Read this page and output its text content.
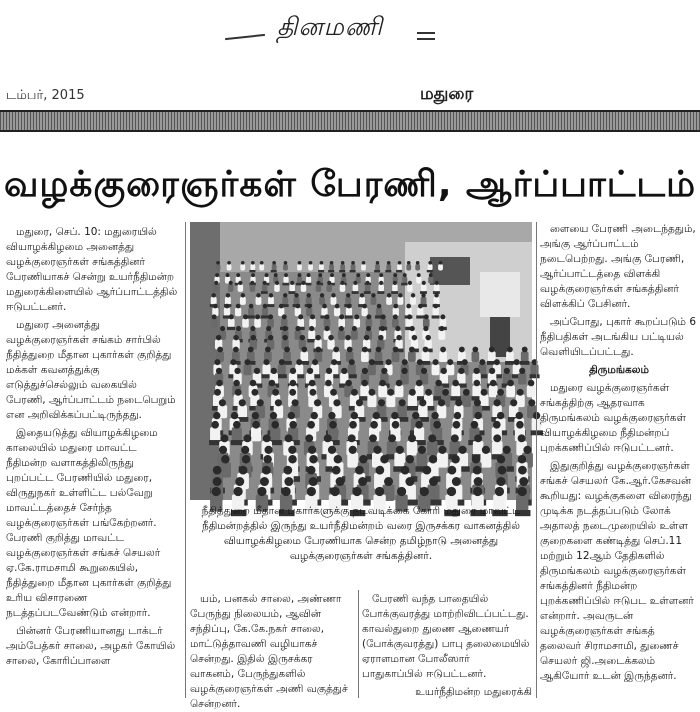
தினமணி
டம்பர், 2015	மதுரை
வழக்குரைஞர்கள் பேரணி, ஆர்ப்பாட்டம்

மதுரை, செப். 10: மதுரையில் வியாழக்கிழமை அனைத்து வழக்குரைஞர்கள் சங்கத்தினர் பேரணியாகச் சென்று உயர்நீதிமன்ற மதுரைக்கிளையில் ஆர்ப்பாட்டத்தில் ஈடுபட்டனர்.

மதுரை அனைத்து வழக்குரைஞர்கள் சங்கம் சார்பில் நீதித்துறை மீதான புகார்கள் குறித்து மக்கள் கவனத்துக்கு எடுத்துச்செல்லும் வகையில் பேரணி, ஆர்ப்பாட்டம் நடைபெறும் என அறிவிக்கப்பட்டிருந்தது.

இதையடுத்து வியாழக்கிழமை காலையில் மதுரை மாவட்ட நீதிமன்ற வளாகத்திலிருந்து புறப்பட்ட பேரணியில் மதுரை, விருதுநகர் உள்ளிட்ட பல்வேறு மாவட்டத்தைச் சேர்ந்த வழக்குரைஞர்கள் பங்கேற்றனர். பேரணி குறித்து மாவட்ட வழக்குரைஞர்கள் சங்கச் செயலர் ஏ.கே.ராமசாமி கூறுகையில், நீதித்துறை மீதான புகார்கள் குறித்து உரிய விசாரணை நடத்தப்படவேண்டும் என்றார்.

பின்னர் பேரணியானது டாக்டர் அம்பேத்கர் சாலை, அழகர் கோயில் சாலை, கோரிப்பாளை

நீதித்துறை மீதான புகார்களுக்கு நடவடிக்கை கோரி மதுரை மாவட்ட நீதிமன்றத்தில் இருந்து உயர்நீதிமன்றம் வரை இருசக்கர வாகனத்தில் வியாழக்கிழமை பேரணியாக சென்ற தமிழ்நாடு அனைத்து வழக்குரைஞர்கள் சங்கத்தினர்.

யம், பனகல் சாலை, அண்ணா பேருந்து நிலையம், ஆவின் சந்திப்பு, கே.கே.நகர் சாலை, மாட்டுத்தாவணி வழியாகச் சென்றது. இதில் இருசக்கர வாகனம், பேருந்துகளில் வழக்குரைஞர்கள் அணி வகுத்துச் சென்றனர்.

பேரணி வந்த பாதையில் போக்குவரத்து மாற்றிவிடப்பட்டது. காவல்துறை துணை ஆணையர் (போக்குவரத்து) பாபு தலைமையில் ஏராளமான போலீஸார் பாதுகாப்பில் ஈடுபட்டனர்.

உயர்நீதிமன்ற மதுரைக்கி

ளையை பேரணி அடைந்ததும், அங்கு ஆர்ப்பாட்டம் நடைபெற்றது. அங்கு பேரணி, ஆர்ப்பாட்டத்தை விளக்கி வழக்குரைஞர்கள் சங்கத்தினர் விளக்கிப் பேசினர்.

அப்போது, புகார் கூறப்படும் 6 நீதிபதிகள் அடங்கிய பட்டியல் வெளியிடப்பட்டது.

திருமங்கலம்

மதுரை வழக்குரைஞர்கள் சங்கத்திற்கு ஆதரவாக திருமங்கலம் வழக்குரைஞர்கள் வியாழக்கிழமை நீதிமன்றப் புறக்கணிப்பில் ஈடுபட்டனர்.

இதுகுறித்து வழக்குரைஞர்கள் சங்கச் செயலர் கே.ஆர்.கேசவன் கூறியது: வழக்குகளை விரைந்து முடிக்க நடத்தப்படும் லோக் அதாலத் நடைமுறையில் உள்ள குறைகளை கண்டித்து செப்.11 மற்றும் 12ஆம் தேதிகளில் திருமங்கலம் வழக்குரைஞர்கள் சங்கத்தினர் நீதிமன்ற புறக்கணிப்பில் ஈடுபட உள்ளனர் என்றார். அவருடன் வழக்குரைஞர்கள் சங்கத் தலைவர் சிராமசாமி, துணைச் செயலர் ஜி.அடைக்கலம் ஆகியோர் உடன் இருந்தனர்.
